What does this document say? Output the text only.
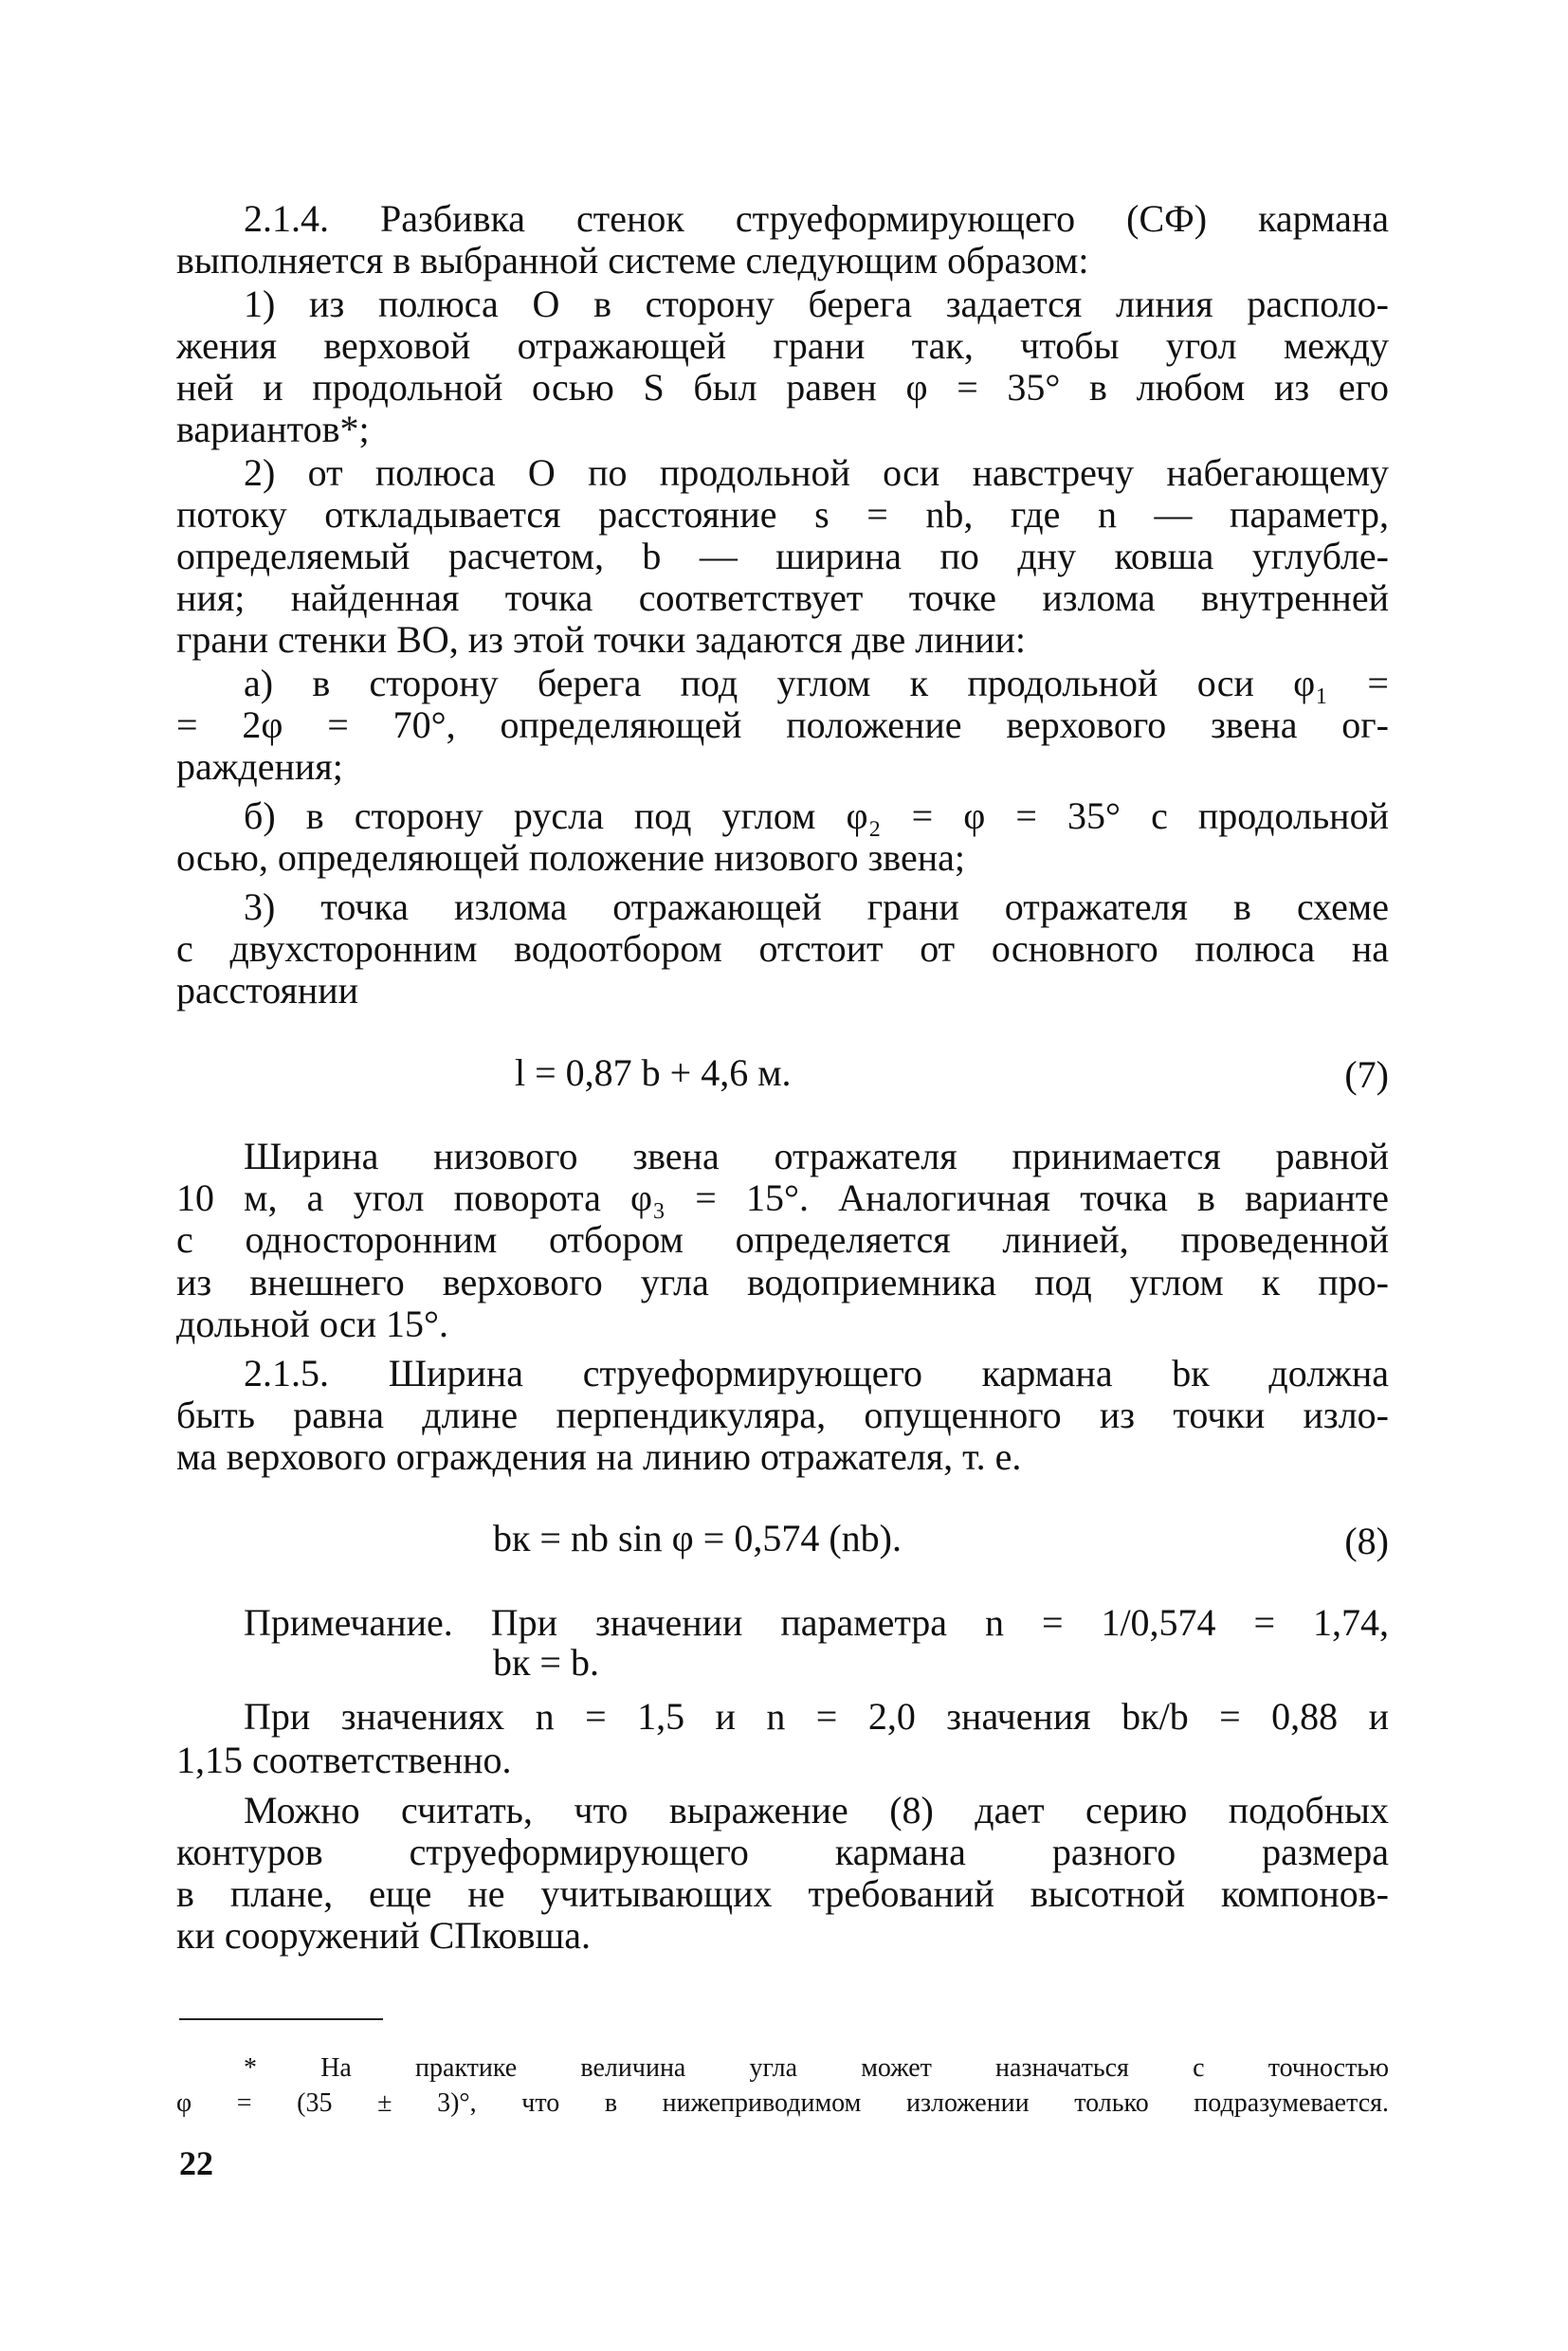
2.1.4. Разбивка стенок струеформирующего (СФ) кармана
выполняется в выбранной системе следующим образом:
1) из полюса O в сторону берега задается линия располо-
жения верховой отражающей грани так, чтобы угол между
ней и продольной осью S был равен φ = 35° в любом из его
вариантов*;
2) от полюса O по продольной оси навстречу набегающему
потоку откладывается расстояние s = nb, где n — параметр,
определяемый расчетом, b — ширина по дну ковша углубле-
ния; найденная точка соответствует точке излома внутренней
грани стенки ВО, из этой точки задаются две линии:
а) в сторону берега под углом к продольной оси φ₁ =
= 2φ = 70°, определяющей положение верхового звена ог-
раждения;
б) в сторону русла под углом φ₂ = φ = 35° с продольной
осью, определяющей положение низового звена;
3) точка излома отражающей грани отражателя в схеме
с двухсторонним водоотбором отстоит от основного полюса на
расстоянии
l = 0,87 b + 4,6 м.
Ширина низового звена отражателя принимается равной
10 м, а угол поворота φ₃ = 15°. Аналогичная точка в варианте
с односторонним отбором определяется линией, проведенной
из внешнего верхового угла водоприемника под углом к про-
дольной оси 15°.
2.1.5. Ширина струеформирующего кармана bк должна
быть равна длине перпендикуляра, опущенного из точки изло-
ма верхового ограждения на линию отражателя, т. е.
bк = nb sin φ = 0,574 (nb).
Примечание. При значении параметра n = 1/0,574 = 1,74,
bк = b.
При значениях n = 1,5 и n = 2,0 значения bк/b = 0,88 и
1,15 соответственно.
Можно считать, что выражение (8) дает серию подобных
контуров струеформирующего кармана разного размера
в плане, еще не учитывающих требований высотной компонов-
ки сооружений СПковша.
(7)
(8)
* На практике величина угла может назначаться с точностью
φ = (35 ± 3)°, что в нижеприводимом изложении только подразумевается.
22
